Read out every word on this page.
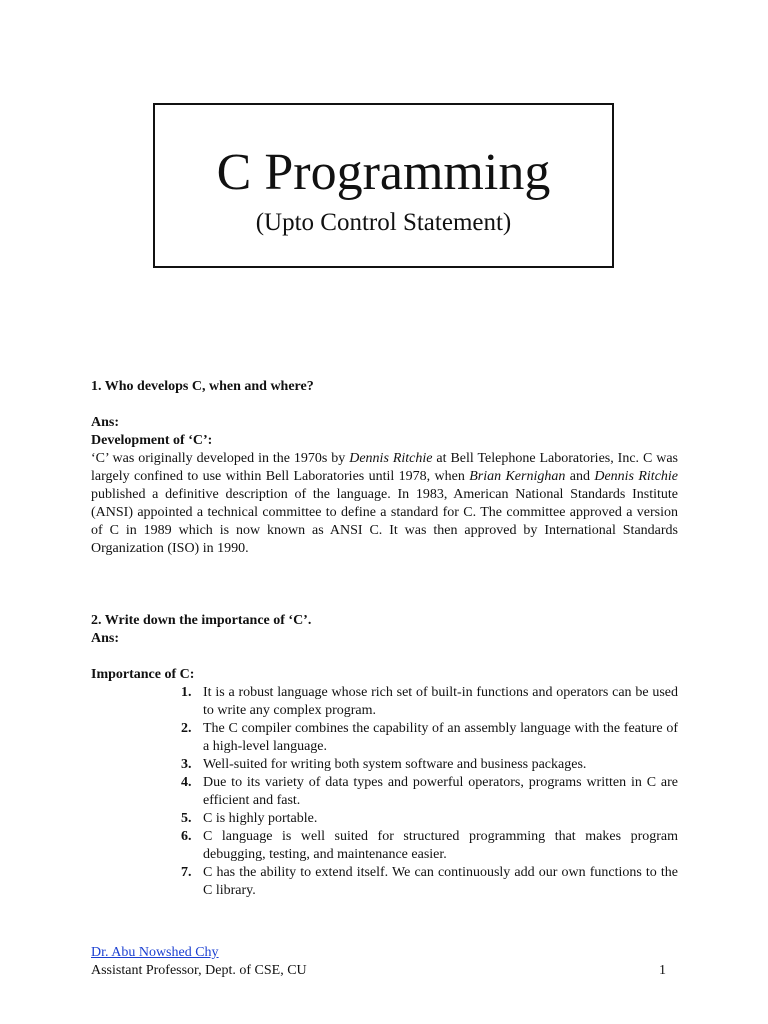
C Programming
(Upto Control Statement)

1. Who develops C, when and where?

Ans:

Development of ‘C’:

‘C’ was originally developed in the 1970s by Dennis Ritchie at Bell Telephone Laboratories, Inc. C was largely confined to use within Bell Laboratories until 1978, when Brian Kernighan and Dennis Ritchie published a definitive description of the language. In 1983, American National Standards Institute (ANSI) appointed a technical committee to define a standard for C. The committee approved a version of C in 1989 which is now known as ANSI C. It was then approved by International Standards Organization (ISO) in 1990.

2. Write down the importance of ‘C’.

Ans:

Importance of C:

1. It is a robust language whose rich set of built-in functions and operators can be used to write any complex program.
2. The C compiler combines the capability of an assembly language with the feature of a high-level language.
3. Well-suited for writing both system software and business packages.
4. Due to its variety of data types and powerful operators, programs written in C are efficient and fast.
5. C is highly portable.
6. C language is well suited for structured programming that makes program debugging, testing, and maintenance easier.
7. C has the ability to extend itself. We can continuously add our own functions to the C library.
Dr. Abu Nowshed Chy
Assistant Professor, Dept. of CSE, CU	1
